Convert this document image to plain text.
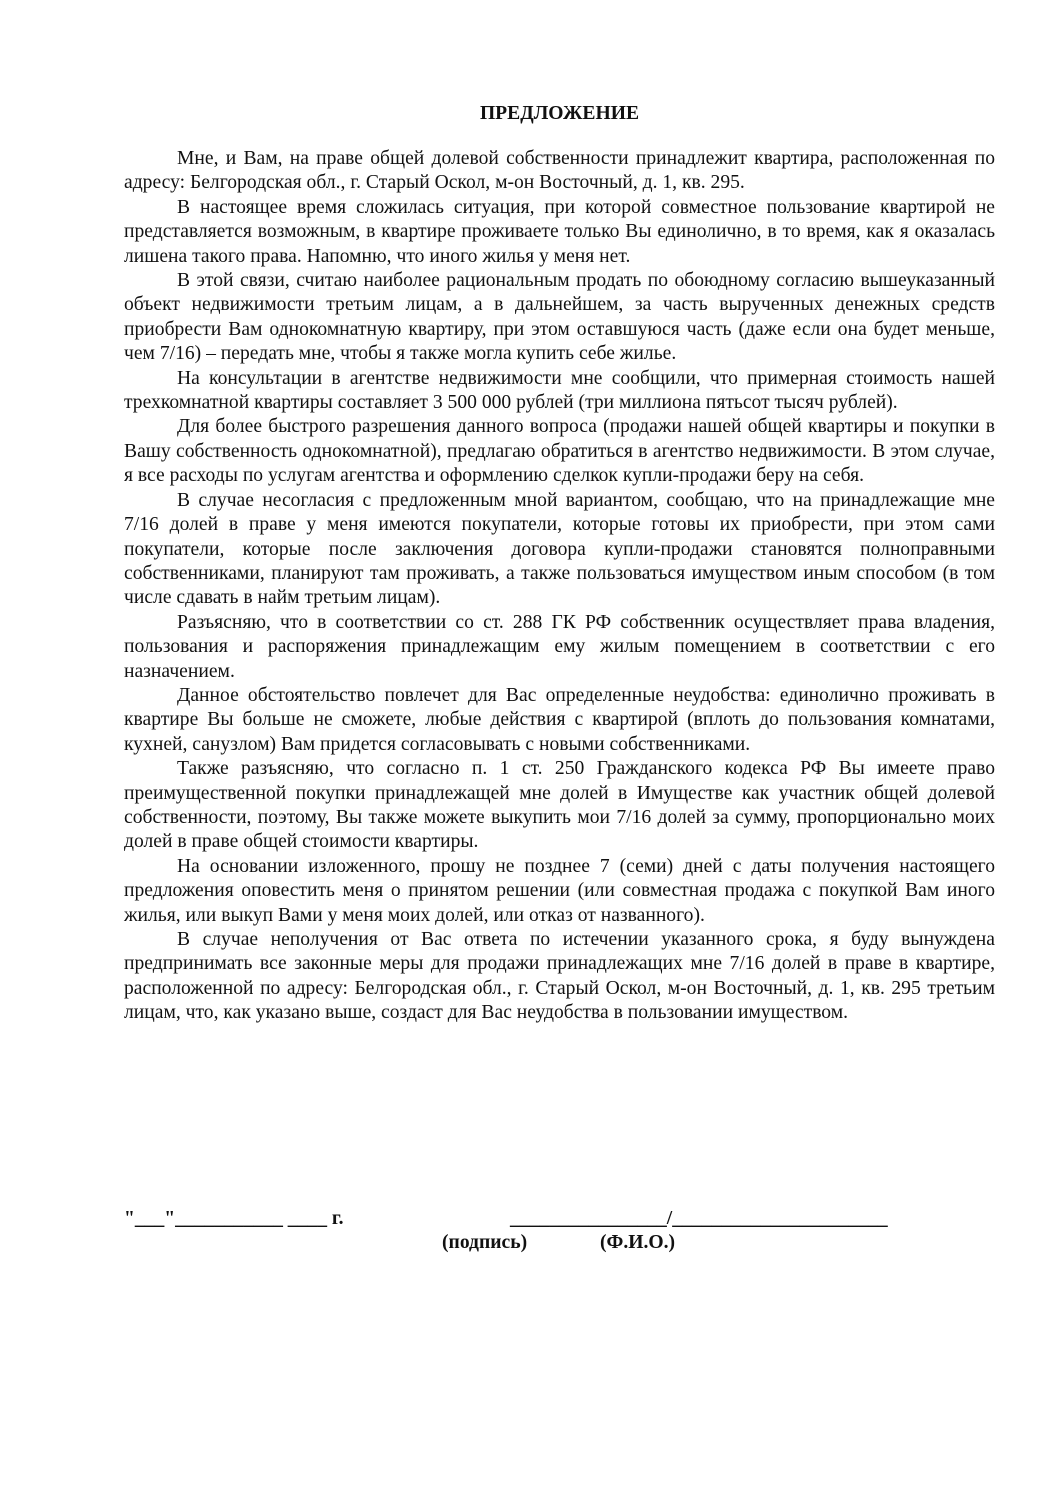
ПРЕДЛОЖЕНИЕ

Мне, и Вам, на праве общей долевой собственности принадлежит квартира, расположенная по адресу: Белгородская обл., г. Старый Оскол, м-он Восточный, д. 1, кв. 295.

В настоящее время сложилась ситуация, при которой совместное пользование квартирой не представляется возможным, в квартире проживаете только Вы единолично, в то время, как я оказалась лишена такого права. Напомню, что иного жилья у меня нет.

В этой связи, считаю наиболее рациональным продать по обоюдному согласию вышеуказанный объект недвижимости третьим лицам, а в дальнейшем, за часть вырученных денежных средств приобрести Вам однокомнатную квартиру, при этом оставшуюся часть (даже если она будет меньше, чем 7/16) – передать мне, чтобы я также могла купить себе жилье.

На консультации в агентстве недвижимости мне сообщили, что примерная стоимость нашей трехкомнатной квартиры составляет 3 500 000 рублей (три миллиона пятьсот тысяч рублей).

Для более быстрого разрешения данного вопроса (продажи нашей общей квартиры и покупки в Вашу собственность однокомнатной), предлагаю обратиться в агентство недвижимости. В этом случае, я все расходы по услугам агентства и оформлению сделкок купли-продажи беру на себя.

В случае несогласия с предложенным мной вариантом, сообщаю, что на принадлежащие мне 7/16 долей в праве у меня имеются покупатели, которые готовы их приобрести, при этом сами покупатели, которые после заключения договора купли-продажи становятся полноправными собственниками, планируют там проживать, а также пользоваться имуществом иным способом (в том числе сдавать в найм третьим лицам).

Разъясняю, что в соответствии со ст. 288 ГК РФ собственник осуществляет права владения, пользования и распоряжения принадлежащим ему жилым помещением в соответствии с его назначением.

Данное обстоятельство повлечет для Вас определенные неудобства: единолично проживать в квартире Вы больше не сможете, любые действия с квартирой (вплоть до пользования комнатами, кухней, санузлом) Вам придется согласовывать с новыми собственниками.

Также разъясняю, что согласно п. 1 ст. 250 Гражданского кодекса РФ Вы имеете право преимущественной покупки принадлежащей мне долей в Имуществе как участник общей долевой собственности, поэтому, Вы также можете выкупить мои 7/16 долей за сумму, пропорционально моих долей в праве общей стоимости квартиры.

На основании изложенного, прошу не позднее 7 (семи) дней с даты получения настоящего предложения оповестить меня о принятом решении (или совместная продажа с покупкой Вам иного жилья, или выкуп Вами у меня моих долей, или отказ от названного).

В случае неполучения от Вас ответа по истечении указанного срока, я буду вынуждена предпринимать все законные меры для продажи принадлежащих мне 7/16 долей в праве в квартире, расположенной по адресу: Белгородская обл., г. Старый Оскол, м-он Восточный, д. 1, кв. 295 третьим лицам, что, как указано выше, создаст для Вас неудобства в пользовании имуществом.

"___"___________ ____ г.	________________/______________________
(подпись)	(Ф.И.О.)
